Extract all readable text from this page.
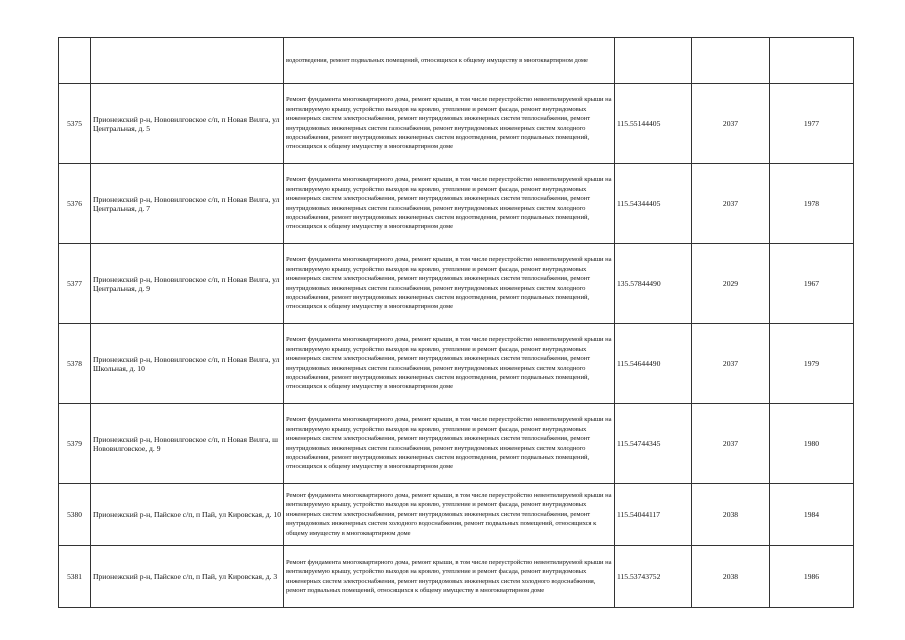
		водоотведения, ремонт подвальных помещений, относящихся к общему имуществу в многоквартирном доме			
5375	Прионежский р-н, Нововилговское с/п, п Новая Вилга, ул Центральная, д. 5	Ремонт фундамента многоквартирного дома, ремонт крыши, в том числе переустройство невентилируемой крыши на вентилируемую крышу, устройство выходов на кровлю, утепление и ремонт фасада, ремонт внутридомовых инженерных систем электроснабжения, ремонт внутридомовых инженерных систем теплоснабжения, ремонт внутридомовых инженерных систем газоснабжения, ремонт внутридомовых инженерных систем холодного водоснабжения, ремонт внутридомовых инженерных систем водоотведения, ремонт подвальных помещений, относящихся к общему имуществу в многоквартирном доме	115.55144405	2037	1977
5376	Прионежский р-н, Нововилговское с/п, п Новая Вилга, ул Центральная, д. 7	Ремонт фундамента многоквартирного дома, ремонт крыши, в том числе переустройство невентилируемой крыши на вентилируемую крышу, устройство выходов на кровлю, утепление и ремонт фасада, ремонт внутридомовых инженерных систем электроснабжения, ремонт внутридомовых инженерных систем теплоснабжения, ремонт внутридомовых инженерных систем газоснабжения, ремонт внутридомовых инженерных систем холодного водоснабжения, ремонт внутридомовых инженерных систем водоотведения, ремонт подвальных помещений, относящихся к общему имуществу в многоквартирном доме	115.54344405	2037	1978
5377	Прионежский р-н, Нововилговское с/п, п Новая Вилга, ул Центральная, д. 9	Ремонт фундамента многоквартирного дома, ремонт крыши, в том числе переустройство невентилируемой крыши на вентилируемую крышу, устройство выходов на кровлю, утепление и ремонт фасада, ремонт внутридомовых инженерных систем электроснабжения, ремонт внутридомовых инженерных систем теплоснабжения, ремонт внутридомовых инженерных систем газоснабжения, ремонт внутридомовых инженерных систем холодного водоснабжения, ремонт внутридомовых инженерных систем водоотведения, ремонт подвальных помещений, относящихся к общему имуществу в многоквартирном доме	135.57844490	2029	1967
5378	Прионежский р-н, Нововилговское с/п, п Новая Вилга, ул Школьная, д. 10	Ремонт фундамента многоквартирного дома, ремонт крыши, в том числе переустройство невентилируемой крыши на вентилируемую крышу, устройство выходов на кровлю, утепление и ремонт фасада, ремонт внутридомовых инженерных систем электроснабжения, ремонт внутридомовых инженерных систем теплоснабжения, ремонт внутридомовых инженерных систем газоснабжения, ремонт внутридомовых инженерных систем холодного водоснабжения, ремонт внутридомовых инженерных систем водоотведения, ремонт подвальных помещений, относящихся к общему имуществу в многоквартирном доме	115.54644490	2037	1979
5379	Прионежский р-н, Нововилговское с/п, п Новая Вилга, ш Нововилговское, д. 9	Ремонт фундамента многоквартирного дома, ремонт крыши, в том числе переустройство невентилируемой крыши на вентилируемую крышу, устройство выходов на кровлю, утепление и ремонт фасада, ремонт внутридомовых инженерных систем электроснабжения, ремонт внутридомовых инженерных систем теплоснабжения, ремонт внутридомовых инженерных систем газоснабжения, ремонт внутридомовых инженерных систем холодного водоснабжения, ремонт внутридомовых инженерных систем водоотведения, ремонт подвальных помещений, относящихся к общему имуществу в многоквартирном доме	115.54744345	2037	1980
5380	Прионежский р-н, Пайское с/п, п Пай, ул Кировская, д. 10	Ремонт фундамента многоквартирного дома, ремонт крыши, в том числе переустройство невентилируемой крыши на вентилируемую крышу, устройство выходов на кровлю, утепление и ремонт фасада, ремонт внутридомовых инженерных систем электроснабжения, ремонт внутридомовых инженерных систем теплоснабжения, ремонт внутридомовых инженерных систем холодного водоснабжения, ремонт подвальных помещений, относящихся к общему имуществу в многоквартирном доме	115.54044117	2038	1984
5381	Прионежский р-н, Пайское с/п, п Пай, ул Кировская, д. 3	Ремонт фундамента многоквартирного дома, ремонт крыши, в том числе переустройство невентилируемой крыши на вентилируемую крышу, устройство выходов на кровлю, утепление и ремонт фасада, ремонт внутридомовых инженерных систем электроснабжения, ремонт внутридомовых инженерных систем холодного водоснабжения, ремонт подвальных помещений, относящихся к общему имуществу в многоквартирном доме	115.53743752	2038	1986
